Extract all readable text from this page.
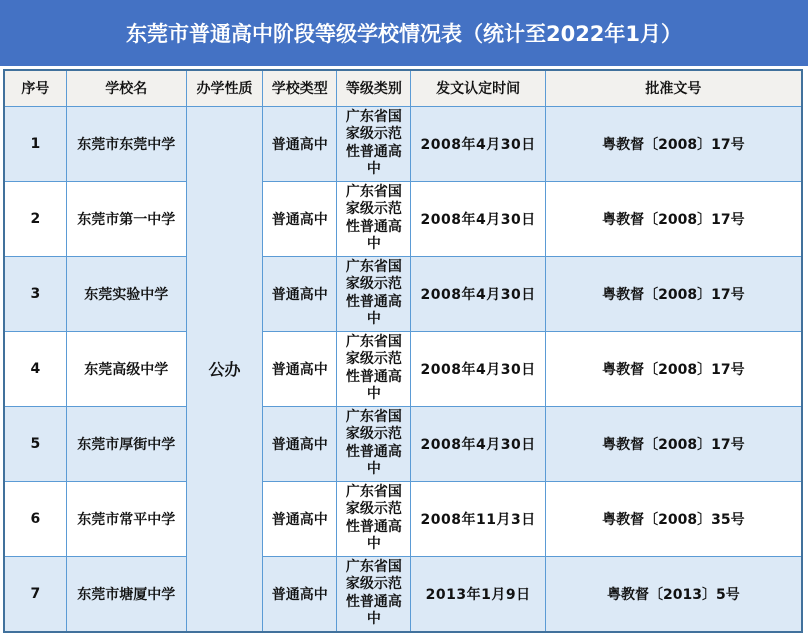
东莞市普通高中阶段等级学校情况表（统计至2022年1月）
序号	学校名	办学性质	学校类型	等级类别	发文认定时间	批准文号
1	东莞市东莞中学	公办	普通高中	广东省国家级示范性普通高中	2008年4月30日	粤教督〔2008〕17号
2	东莞市第一中学		普通高中	广东省国家级示范性普通高中	2008年4月30日	粤教督〔2008〕17号
3	东莞实验中学		普通高中	广东省国家级示范性普通高中	2008年4月30日	粤教督〔2008〕17号
4	东莞高级中学		普通高中	广东省国家级示范性普通高中	2008年4月30日	粤教督〔2008〕17号
5	东莞市厚街中学		普通高中	广东省国家级示范性普通高中	2008年4月30日	粤教督〔2008〕17号
6	东莞市常平中学		普通高中	广东省国家级示范性普通高中	2008年11月3日	粤教督〔2008〕35号
7	东莞市塘厦中学		普通高中	广东省国家级示范性普通高中	2013年1月9日	粤教督〔2013〕5号
